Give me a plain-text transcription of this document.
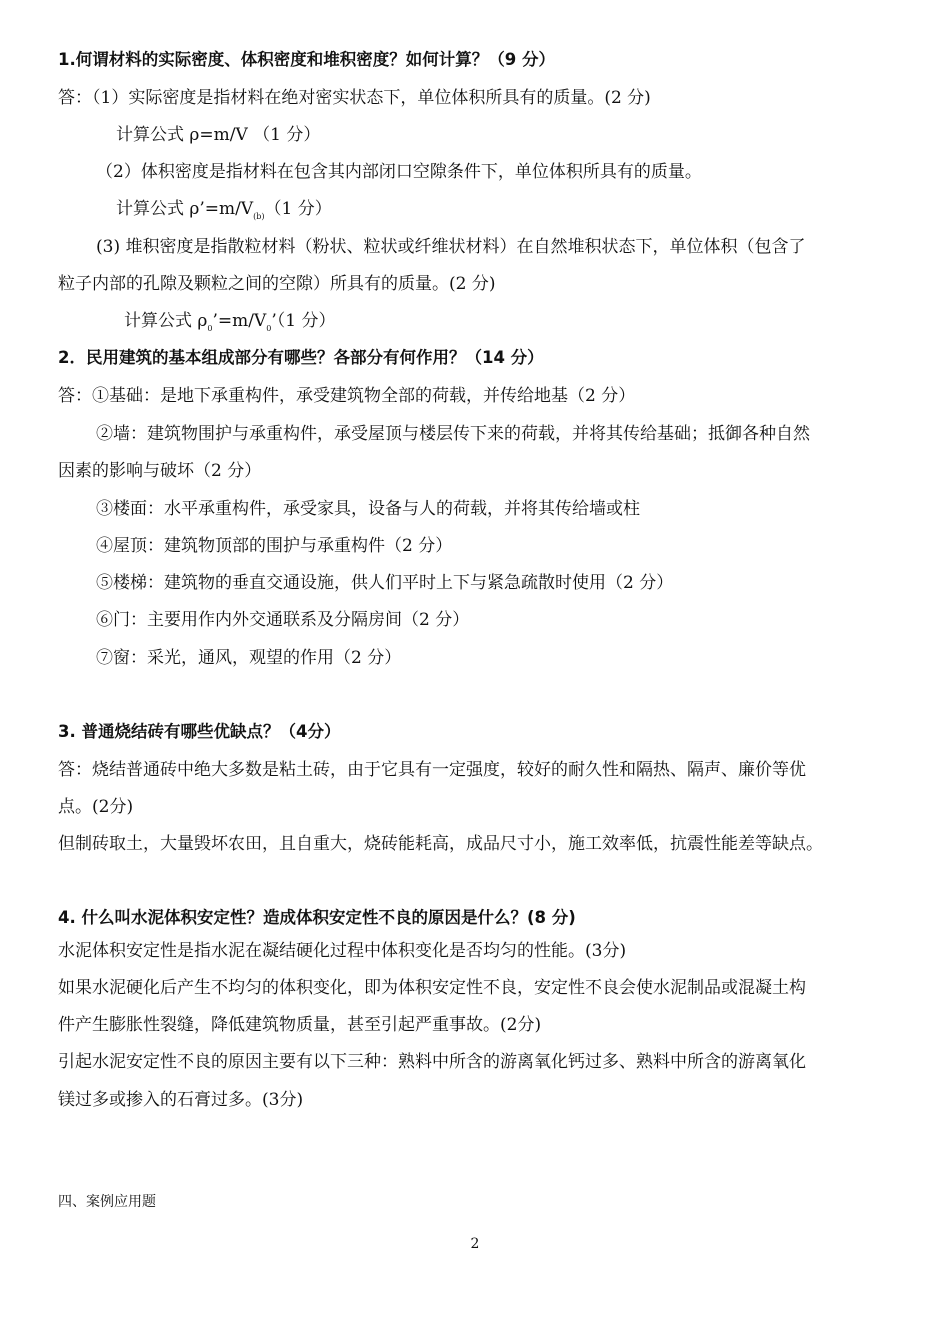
1.何谓材料的实际密度、体积密度和堆积密度？如何计算？（9 分）
答：（1）实际密度是指材料在绝对密实状态下，单位体积所具有的质量。(2 分)
计算公式 ρ=m/V （1 分）
（2）体积密度是指材料在包含其内部闭口空隙条件下，单位体积所具有的质量。
计算公式 $\rho’=m/V_{(b)}(1$ 分）
(3) 堆积密度是指散粒材料（粉状、粒状或纤维状材料）在自然堆积状态下，单位体积（包含了
粒子内部的孔隙及颗粒之间的空隙）所具有的质量。(2 分)
计算公式 $\rho_0’=m/V_0’(1$ 分）
2．民用建筑的基本组成部分有哪些？各部分有何作用？（14 分）
答：①基础：是地下承重构件，承受建筑物全部的荷载，并传给地基（2 分）
②墙：建筑物围护与承重构件，承受屋顶与楼层传下来的荷载，并将其传给基础；抵御各种自然
因素的影响与破坏（2 分）
③楼面：水平承重构件，承受家具，设备与人的荷载，并将其传给墙或柱
④屋顶：建筑物顶部的围护与承重构件（2 分）
⑤楼梯：建筑物的垂直交通设施，供人们平时上下与紧急疏散时使用（2 分）
⑥门：主要用作内外交通联系及分隔房间（2 分）
⑦窗：采光，通风，观望的作用（2 分）
3. 普通烧结砖有哪些优缺点？（4分）
答：烧结普通砖中绝大多数是粘土砖，由于它具有一定强度，较好的耐久性和隔热、隔声、廉价等优
点。(2分)
但制砖取土，大量毁坏农田，且自重大，烧砖能耗高，成品尺寸小，施工效率低，抗震性能差等缺点。
4. 什么叫水泥体积安定性？造成体积安定性不良的原因是什么？(8 分)
水泥体积安定性是指水泥在凝结硬化过程中体积变化是否均匀的性能。(3分)
如果水泥硬化后产生不均匀的体积变化，即为体积安定性不良，安定性不良会使水泥制品或混凝土构
件产生膨胀性裂缝，降低建筑物质量，甚至引起严重事故。(2分)
引起水泥安定性不良的原因主要有以下三种：熟料中所含的游离氧化钙过多、熟料中所含的游离氧化
镁过多或掺入的石膏过多。(3分)
四、案例应用题
2
